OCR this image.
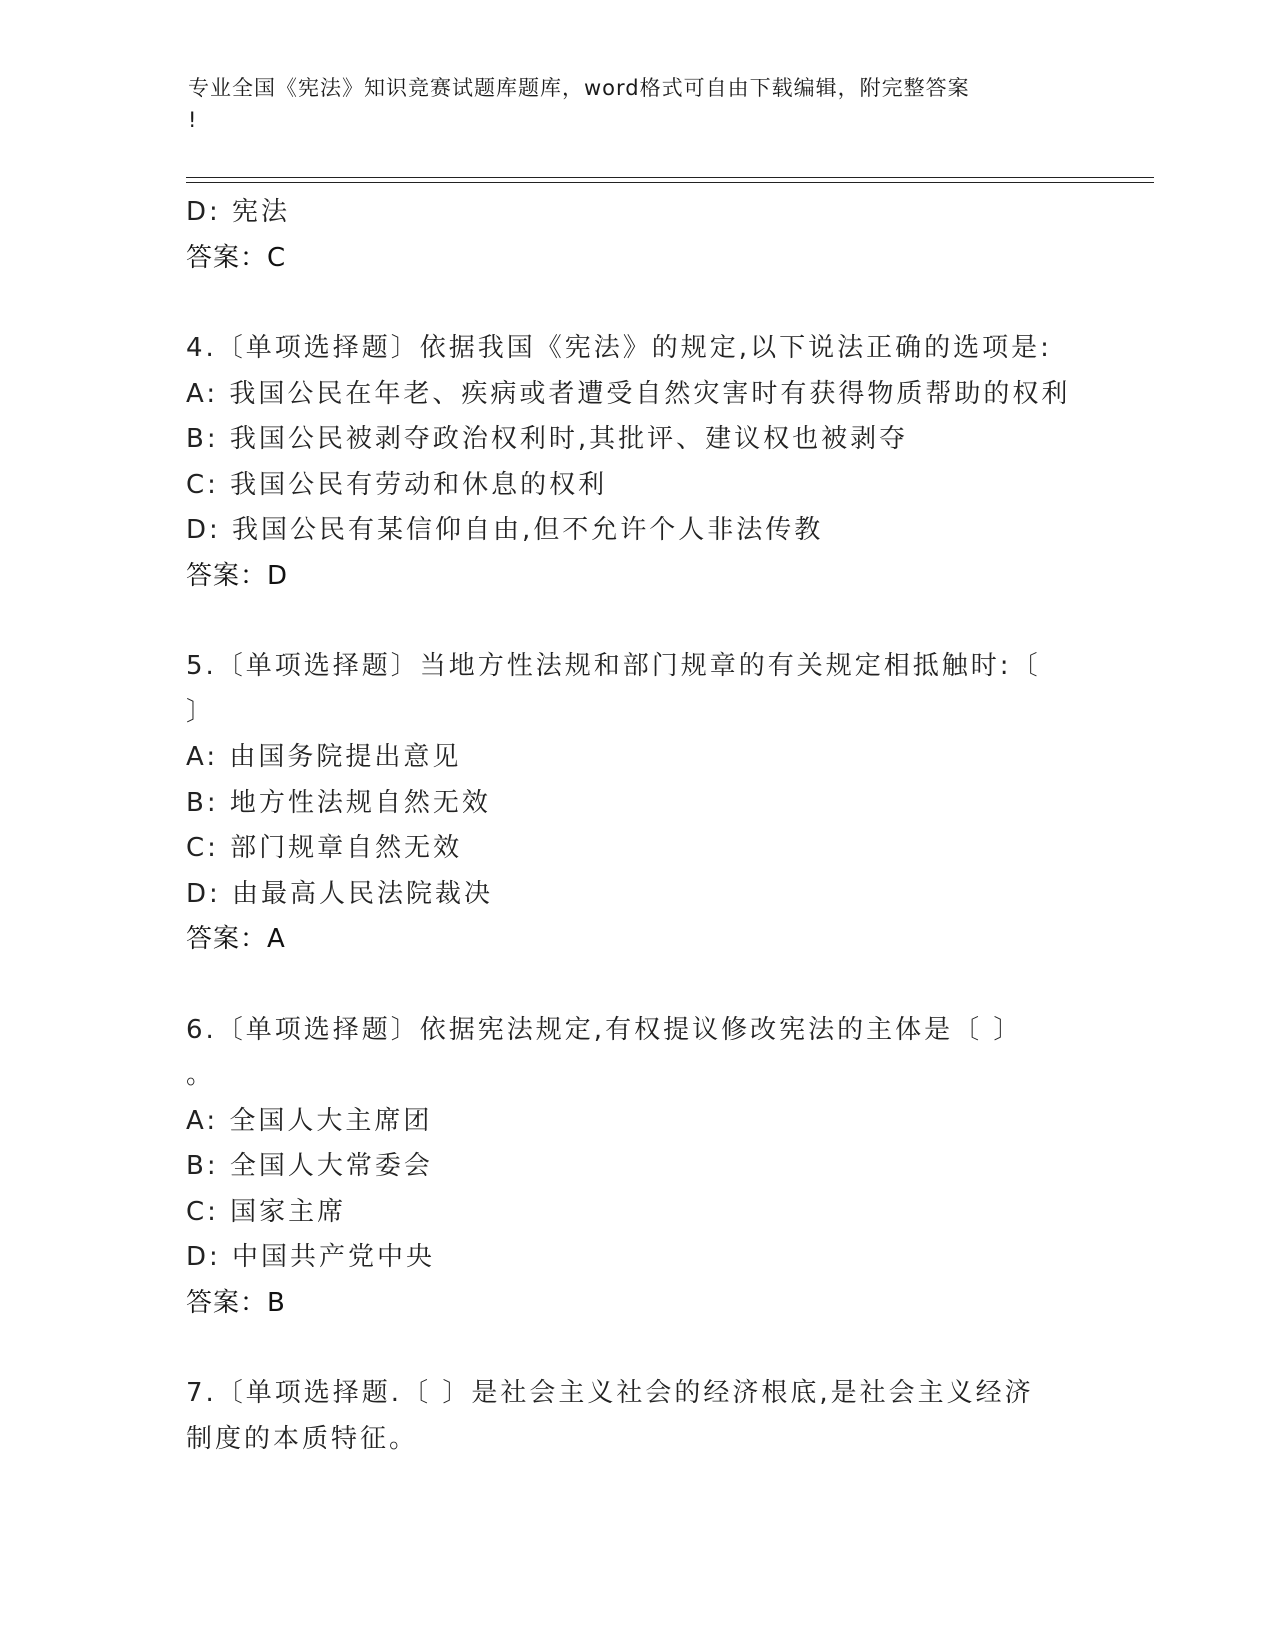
专业全国《宪法》知识竞赛试题库题库，word格式可自由下载编辑，附完整答案
!
D: 宪法
答案：C
4.〔单项选择题〕依据我国《宪法》的规定,以下说法正确的选项是:
A: 我国公民在年老、疾病或者遭受自然灾害时有获得物质帮助的权利
B: 我国公民被剥夺政治权利时,其批评、建议权也被剥夺
C: 我国公民有劳动和休息的权利
D: 我国公民有某信仰自由,但不允许个人非法传教
答案：D
5.〔单项选择题〕当地方性法规和部门规章的有关规定相抵触时:〔
〕
A: 由国务院提出意见
B: 地方性法规自然无效
C: 部门规章自然无效
D: 由最高人民法院裁决
答案：A
6.〔单项选择题〕依据宪法规定,有权提议修改宪法的主体是〔 〕
。
A: 全国人大主席团
B: 全国人大常委会
C: 国家主席
D: 中国共产党中央
答案：B
7.〔单项选择题.〔 〕是社会主义社会的经济根底,是社会主义经济
制度的本质特征。
